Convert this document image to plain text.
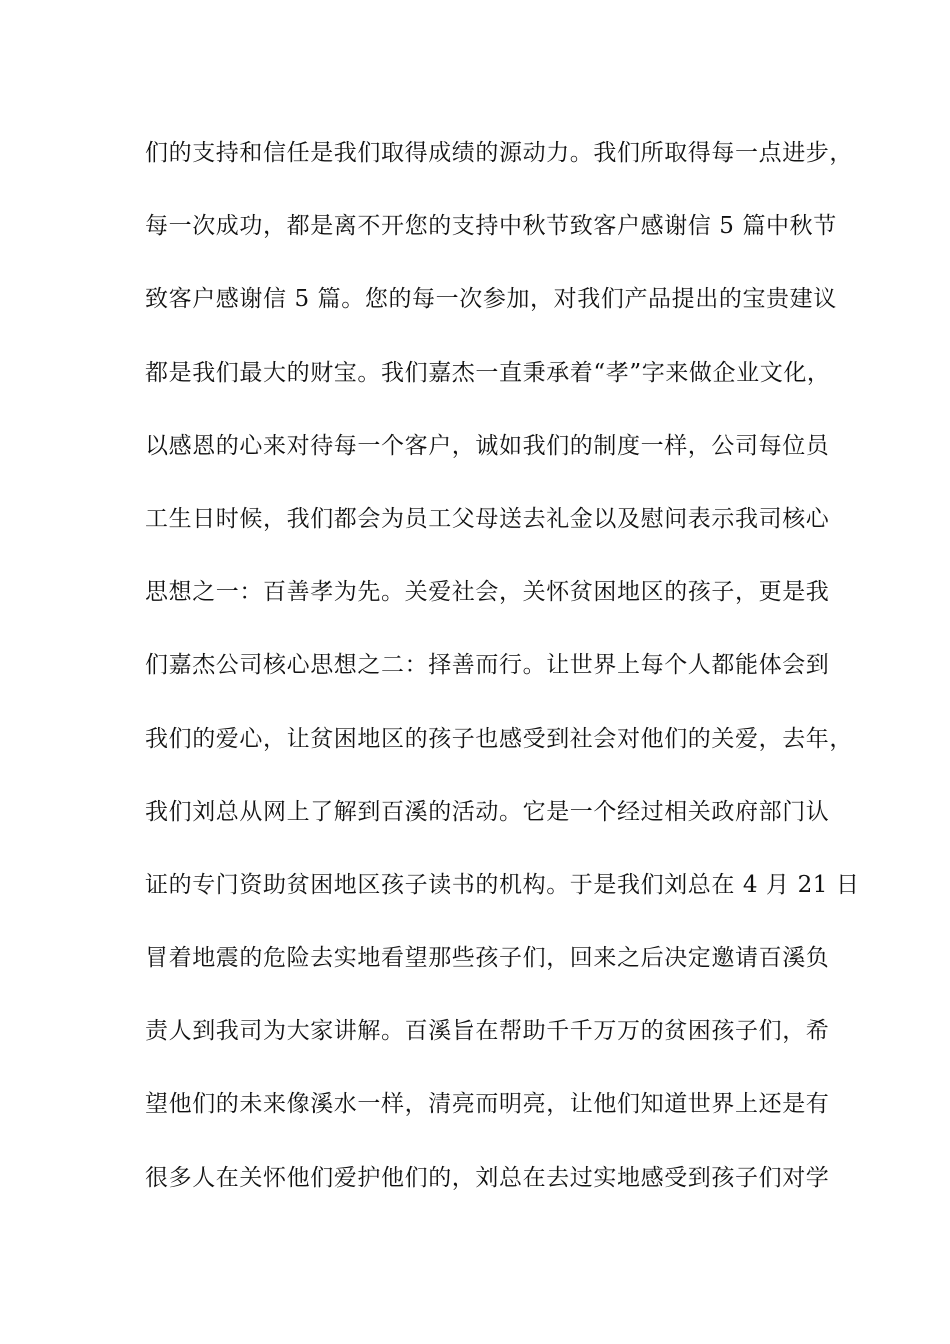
们的支持和信任是我们取得成绩的源动力。我们所取得每一点进步，
每一次成功，都是离不开您的支持中秋节致客户感谢信 5 篇中秋节
致客户感谢信 5 篇。您的每一次参加，对我们产品提出的宝贵建议
都是我们最大的财宝。我们嘉杰一直秉承着“孝”字来做企业文化，
以感恩的心来对待每一个客户，诚如我们的制度一样，公司每位员
工生日时候，我们都会为员工父母送去礼金以及慰问表示我司核心
思想之一：百善孝为先。关爱社会，关怀贫困地区的孩子，更是我
们嘉杰公司核心思想之二：择善而行。让世界上每个人都能体会到
我们的爱心，让贫困地区的孩子也感受到社会对他们的关爱，去年，
我们刘总从网上了解到百溪的活动。它是一个经过相关政府部门认
证的专门资助贫困地区孩子读书的机构。于是我们刘总在 4 月 21 日
冒着地震的危险去实地看望那些孩子们，回来之后决定邀请百溪负
责人到我司为大家讲解。百溪旨在帮助千千万万的贫困孩子们，希
望他们的未来像溪水一样，清亮而明亮，让他们知道世界上还是有
很多人在关怀他们爱护他们的，刘总在去过实地感受到孩子们对学
